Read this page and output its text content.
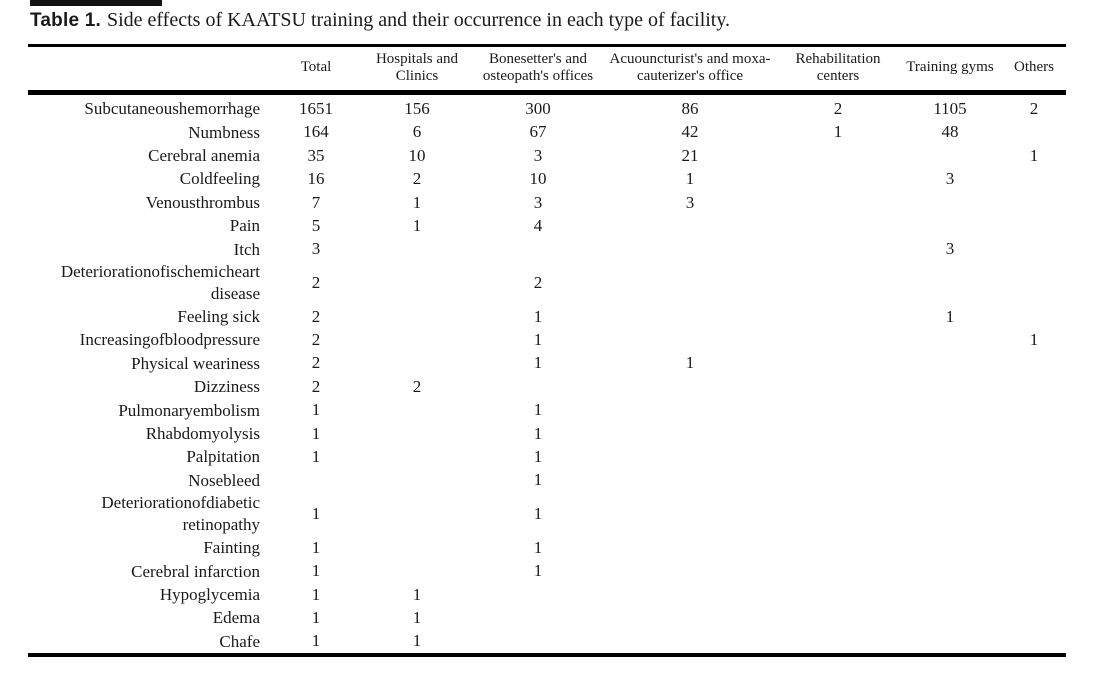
Table 1. Side effects of KAATSU training and their occurrence in each type of facility.
	Total	Hospitals and Clinics	Bonesetter's and osteopath's offices	Acuouncturist's and moxa-cauterizer's office	Rehabilitation centers	Training gyms	Others
Subcutaneoushemorrhage	1651	156	300	86	2	1105	2
Numbness	164	6	67	42	1	48	
Cerebral anemia	35	10	3	21			1
Coldfeeling	16	2	10	1		3	
Venousthrombus	7	1	3	3			
Pain	5	1	4				
Itch	3					3	
Deteriorationofischemicheart
disease	2		2				
Feeling sick	2		1			1	
Increasingofbloodpressure	2		1				1
Physical weariness	2		1	1			
Dizziness	2	2					
Pulmonaryembolism	1		1				
Rhabdomyolysis	1		1				
Palpitation	1		1				
Nosebleed			1				
Deteriorationofdiabetic
retinopathy	1		1				
Fainting	1		1				
Cerebral infarction	1		1				
Hypoglycemia	1	1					
Edema	1	1					
Chafe	1	1					
